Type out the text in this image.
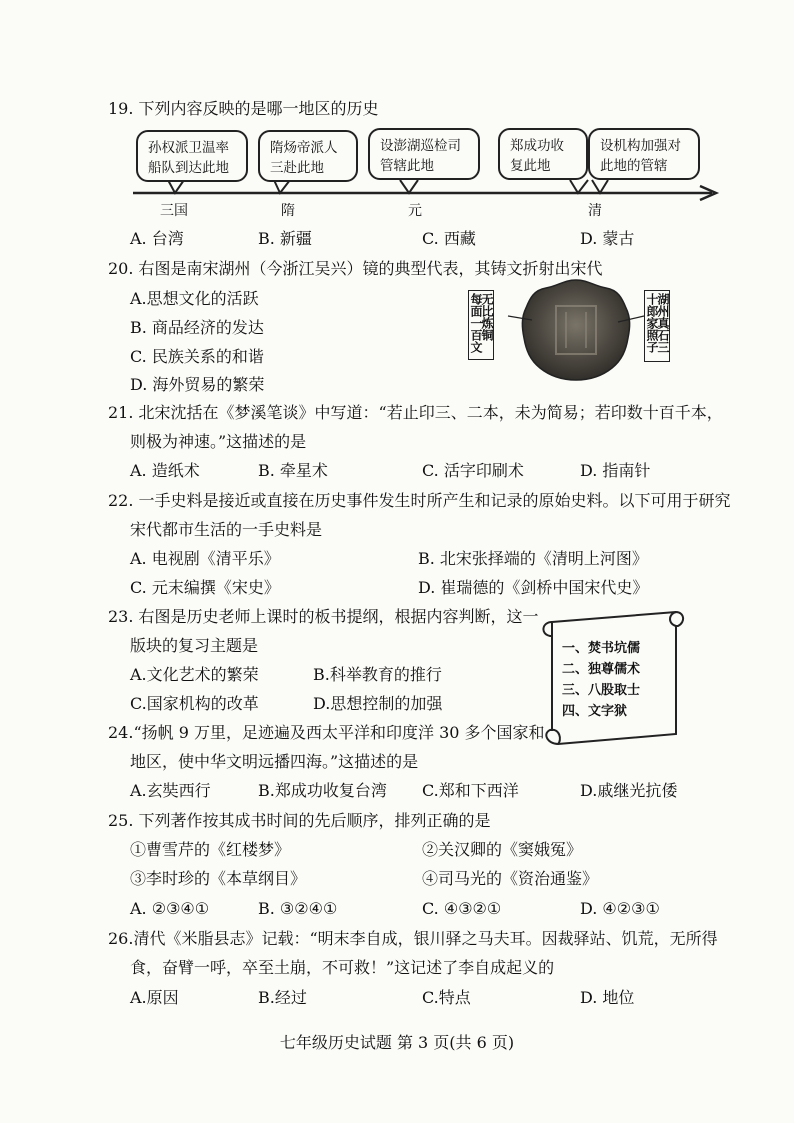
19. 下列内容反映的是哪一地区的历史
孙权派卫温率
船队到达此地
隋炀帝派人
三赴此地
设澎湖巡检司
管辖此地
郑成功收
复此地
设机构加强对
此地的管辖
三国	隋	元	清
A. 台湾	B. 新疆	C. 西藏	D. 蒙古
20. 右图是南宋湖州（今浙江吴兴）镜的典型代表，其铸文折射出宋代
A.思想文化的活跃
B. 商品经济的发达
C. 民族关系的和谐
D. 海外贸易的繁荣
无比炼铜 每面一百文	湖州真石三 十郎家照子
21. 北宋沈括在《梦溪笔谈》中写道：“若止印三、二本，未为简易；若印数十百千本，
则极为神速。”这描述的是
A. 造纸术	B. 牵星术	C. 活字印刷术	D. 指南针
22. 一手史料是接近或直接在历史事件发生时所产生和记录的原始史料。以下可用于研究
宋代都市生活的一手史料是
A. 电视剧《清平乐》	B. 北宋张择端的《清明上河图》
C. 元末编撰《宋史》	D. 崔瑞德的《剑桥中国宋代史》
23. 右图是历史老师上课时的板书提纲，根据内容判断，这一
版块的复习主题是
A.文化艺术的繁荣	B.科举教育的推行
C.国家机构的改革	D.思想控制的加强
一、焚书坑儒
二、独尊儒术
三、八股取士
四、文字狱
24.“扬帆 9 万里，足迹遍及西太平洋和印度洋 30 多个国家和
地区，使中华文明远播四海。”这描述的是
A.玄奘西行	B.郑成功收复台湾 C.郑和下西洋	D.戚继光抗倭
25. 下列著作按其成书时间的先后顺序，排列正确的是
①曹雪芹的《红楼梦》	②关汉卿的《窦娥冤》
③李时珍的《本草纲目》	④司马光的《资治通鉴》
A. ②③④①	B. ③②④①	C. ④③②①	D. ④②③①
26.清代《米脂县志》记载：“明末李自成，银川驿之马夫耳。因裁驿站、饥荒，无所得
食，奋臂一呼，卒至土崩，不可救！”这记述了李自成起义的
A.原因	B.经过	C.特点	D. 地位
七年级历史试题 第 3 页(共 6 页)
